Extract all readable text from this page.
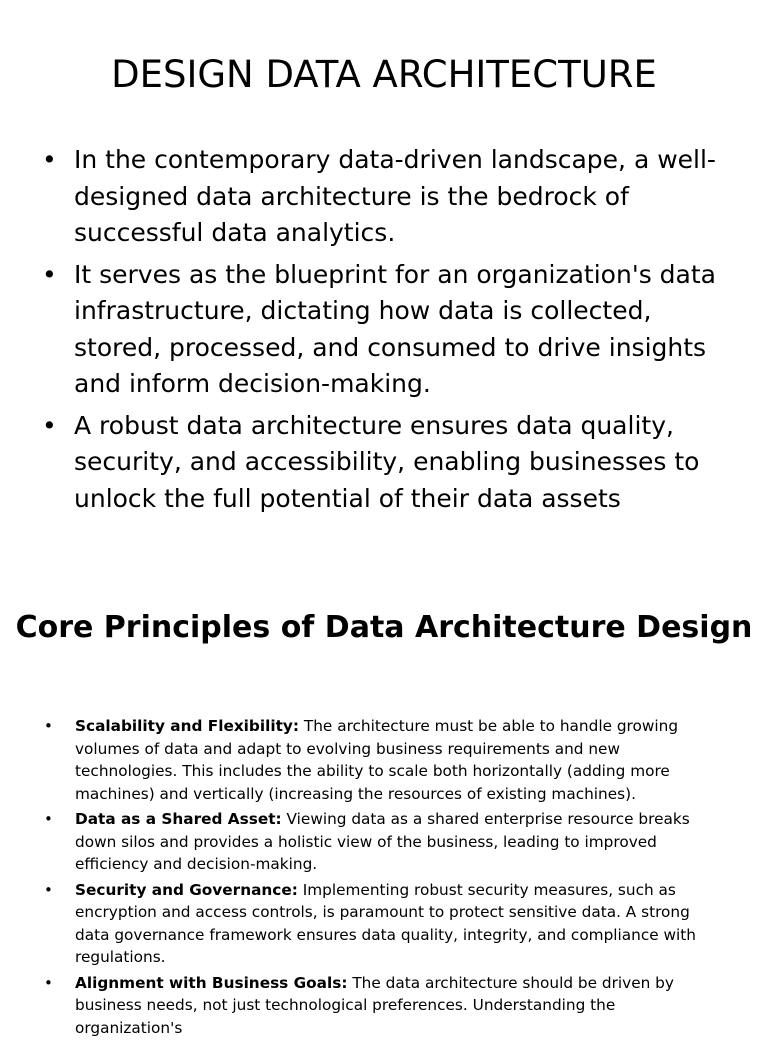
DESIGN DATA ARCHITECTURE
• In the contemporary data-driven landscape, a well-designed data architecture is the bedrock of successful data analytics.
• It serves as the blueprint for an organization's data infrastructure, dictating how data is collected, stored, processed, and consumed to drive insights and inform decision-making.
• A robust data architecture ensures data quality, security, and accessibility, enabling businesses to unlock the full potential of their data assets
Core Principles of Data Architecture Design
•	Scalability and Flexibility: The architecture must be able to handle growing volumes of data and adapt to evolving business requirements and new technologies. This includes the ability to scale both horizontally (adding more machines) and vertically (increasing the resources of existing machines).
•	Data as a Shared Asset: Viewing data as a shared enterprise resource breaks down silos and provides a holistic view of the business, leading to improved efficiency and decision-making.
•	Security and Governance: Implementing robust security measures, such as encryption and access controls, is paramount to protect sensitive data. A strong data governance framework ensures data quality, integrity, and compliance with regulations.
•	Alignment with Business Goals: The data architecture should be driven by business needs, not just technological preferences. Understanding the organization's
